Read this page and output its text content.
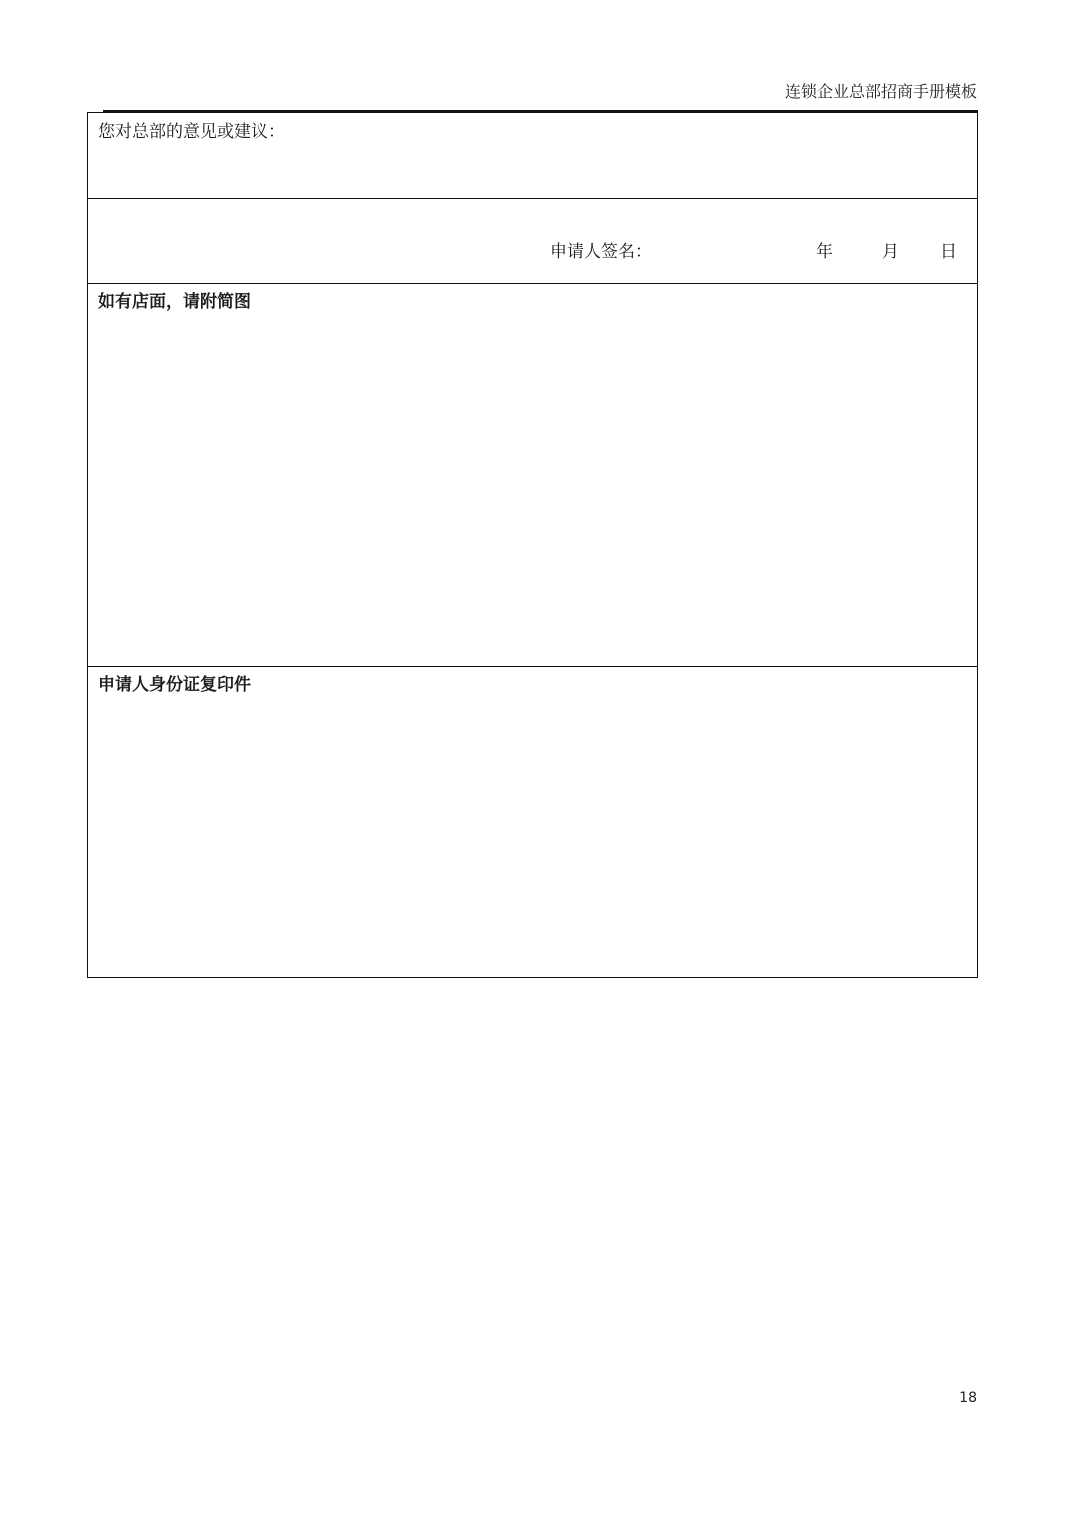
连锁企业总部招商手册模板
您对总部的意见或建议：
申请人签名：	年	月 日
如有店面，请附简图
申请人身份证复印件
18
